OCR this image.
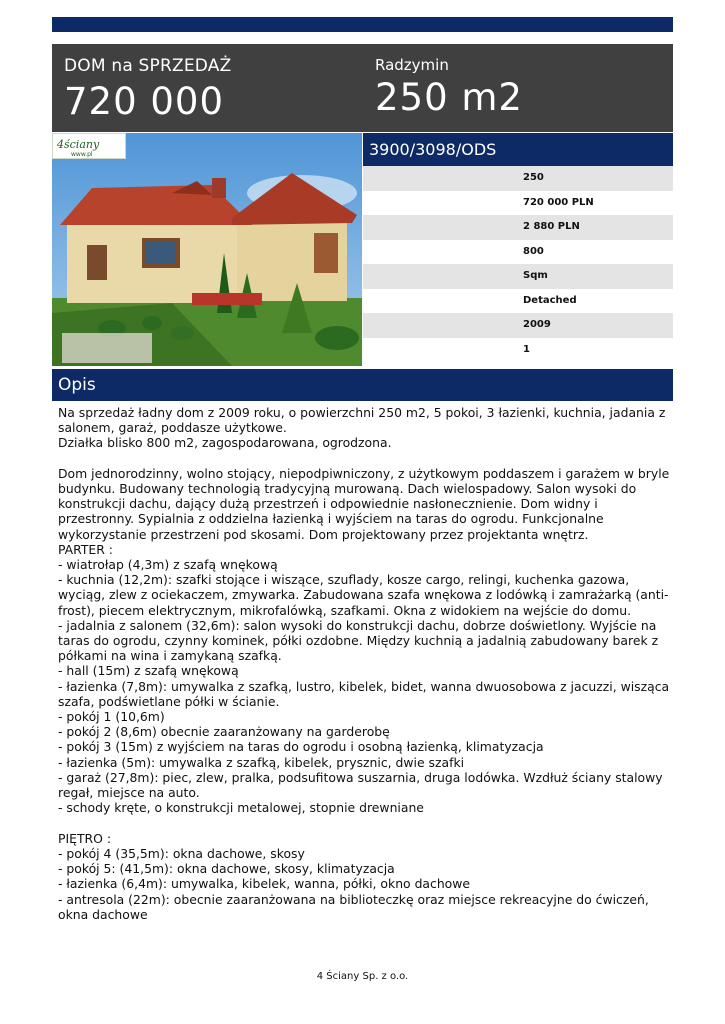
DOM na SPRZEDAŻ
720 000
Radzymin
250 m2
4ściany
www.pl	3900/3098/ODS
250
720 000 PLN
2 880 PLN
800
Sqm
Detached
2009
1
Opis
Na sprzedaż ładny dom z 2009 roku, o powierzchni 250 m2, 5 pokoi, 3 łazienki, kuchnia, jadania z salonem, garaż, poddasze użytkowe.
Działka blisko 800 m2, zagospodarowana, ogrodzona.

Dom jednorodzinny, wolno stojący, niepodpiwniczony, z użytkowym poddaszem i garażem w bryle budynku. Budowany technologią tradycyjną murowaną. Dach wielospadowy. Salon wysoki do konstrukcji dachu, dający dużą przestrzeń i odpowiednie nasłonecznienie. Dom widny i przestronny. Sypialnia z oddzielna łazienką i wyjściem na taras do ogrodu. Funkcjonalne wykorzystanie przestrzeni pod skosami. Dom projektowany przez projektanta wnętrz.
PARTER :
- wiatrołap (4,3m) z szafą wnękową
- kuchnia (12,2m): szafki stojące i wiszące, szuflady, kosze cargo, relingi, kuchenka gazowa, wyciąg, zlew z ociekaczem, zmywarka. Zabudowana szafa wnękowa z lodówką i zamrażarką (anti-frost), piecem elektrycznym, mikrofalówką, szafkami. Okna z widokiem na wejście do domu.
- jadalnia z salonem (32,6m): salon wysoki do konstrukcji dachu, dobrze doświetlony. Wyjście na taras do ogrodu, czynny kominek, półki ozdobne. Między kuchnią a jadalnią zabudowany barek z półkami na wina i zamykaną szafką.
- hall (15m) z szafą wnękową
- łazienka (7,8m): umywalka z szafką, lustro, kibelek, bidet, wanna dwuosobowa z jacuzzi, wisząca szafa, podświetlane półki w ścianie.
- pokój 1 (10,6m)
- pokój 2 (8,6m) obecnie zaaranżowany na garderobę
- pokój 3 (15m) z wyjściem na taras do ogrodu i osobną łazienką, klimatyzacja
- łazienka (5m): umywalka z szafką, kibelek, prysznic, dwie szafki
- garaż (27,8m): piec, zlew, pralka, podsufitowa suszarnia, druga lodówka. Wzdłuż ściany stalowy regał, miejsce na auto.
- schody kręte, o konstrukcji metalowej, stopnie drewniane

PIĘTRO :
- pokój 4 (35,5m): okna dachowe, skosy
- pokój 5: (41,5m): okna dachowe, skosy, klimatyzacja
- łazienka (6,4m): umywalka, kibelek, wanna, półki, okno dachowe
- antresola (22m): obecnie zaaranżowana na biblioteczkę oraz miejsce rekreacyjne do ćwiczeń, okna dachowe
4 Ściany Sp. z o.o.
